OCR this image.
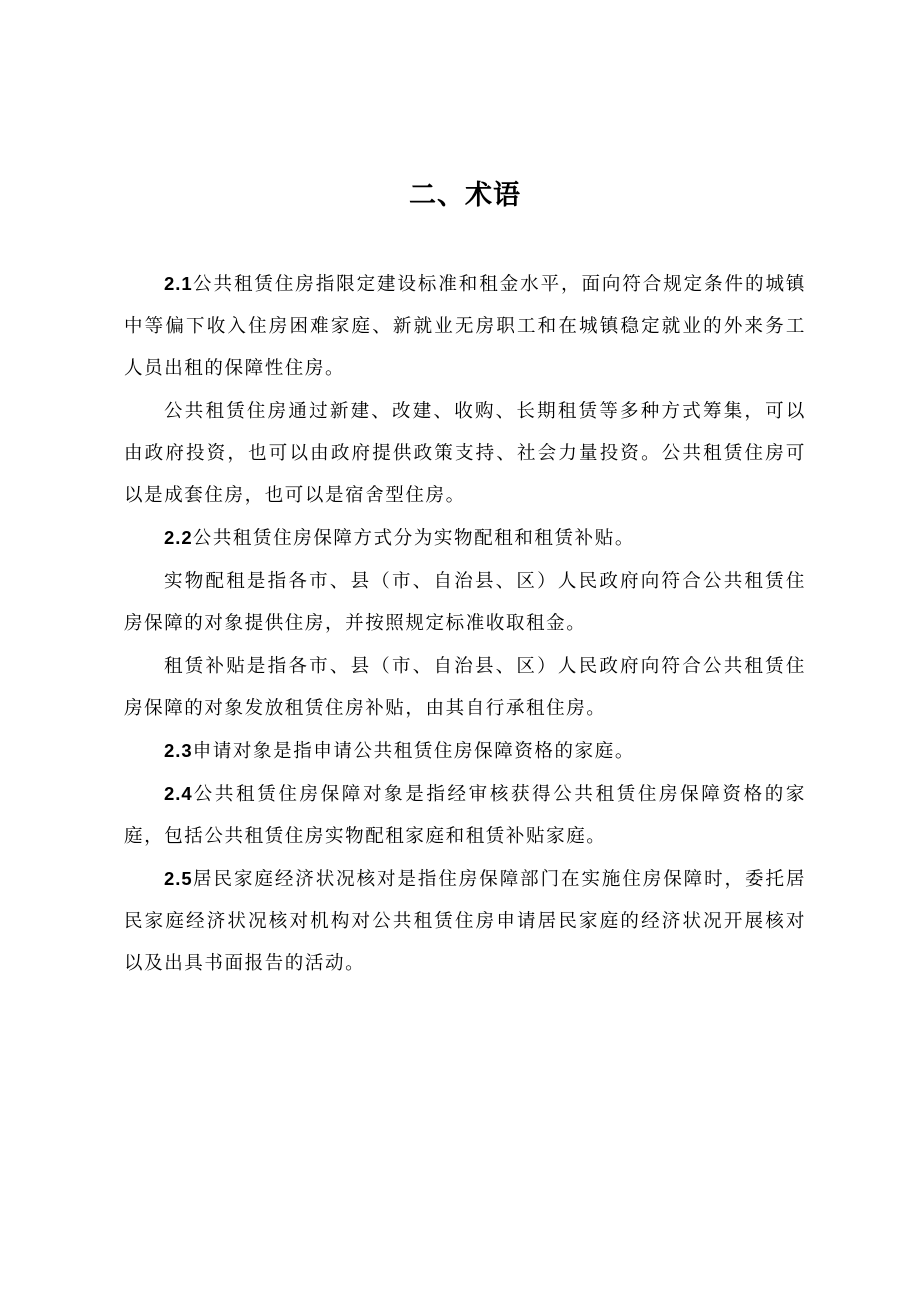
二、术语

2.1公共租赁住房指限定建设标准和租金水平，面向符合规定条件的城镇中等偏下收入住房困难家庭、新就业无房职工和在城镇稳定就业的外来务工人员出租的保障性住房。

公共租赁住房通过新建、改建、收购、长期租赁等多种方式筹集，可以由政府投资，也可以由政府提供政策支持、社会力量投资。公共租赁住房可以是成套住房，也可以是宿舍型住房。

2.2公共租赁住房保障方式分为实物配租和租赁补贴。

实物配租是指各市、县（市、自治县、区）人民政府向符合公共租赁住房保障的对象提供住房，并按照规定标准收取租金。

租赁补贴是指各市、县（市、自治县、区）人民政府向符合公共租赁住房保障的对象发放租赁住房补贴，由其自行承租住房。

2.3申请对象是指申请公共租赁住房保障资格的家庭。

2.4公共租赁住房保障对象是指经审核获得公共租赁住房保障资格的家庭，包括公共租赁住房实物配租家庭和租赁补贴家庭。

2.5居民家庭经济状况核对是指住房保障部门在实施住房保障时，委托居民家庭经济状况核对机构对公共租赁住房申请居民家庭的经济状况开展核对以及出具书面报告的活动。
